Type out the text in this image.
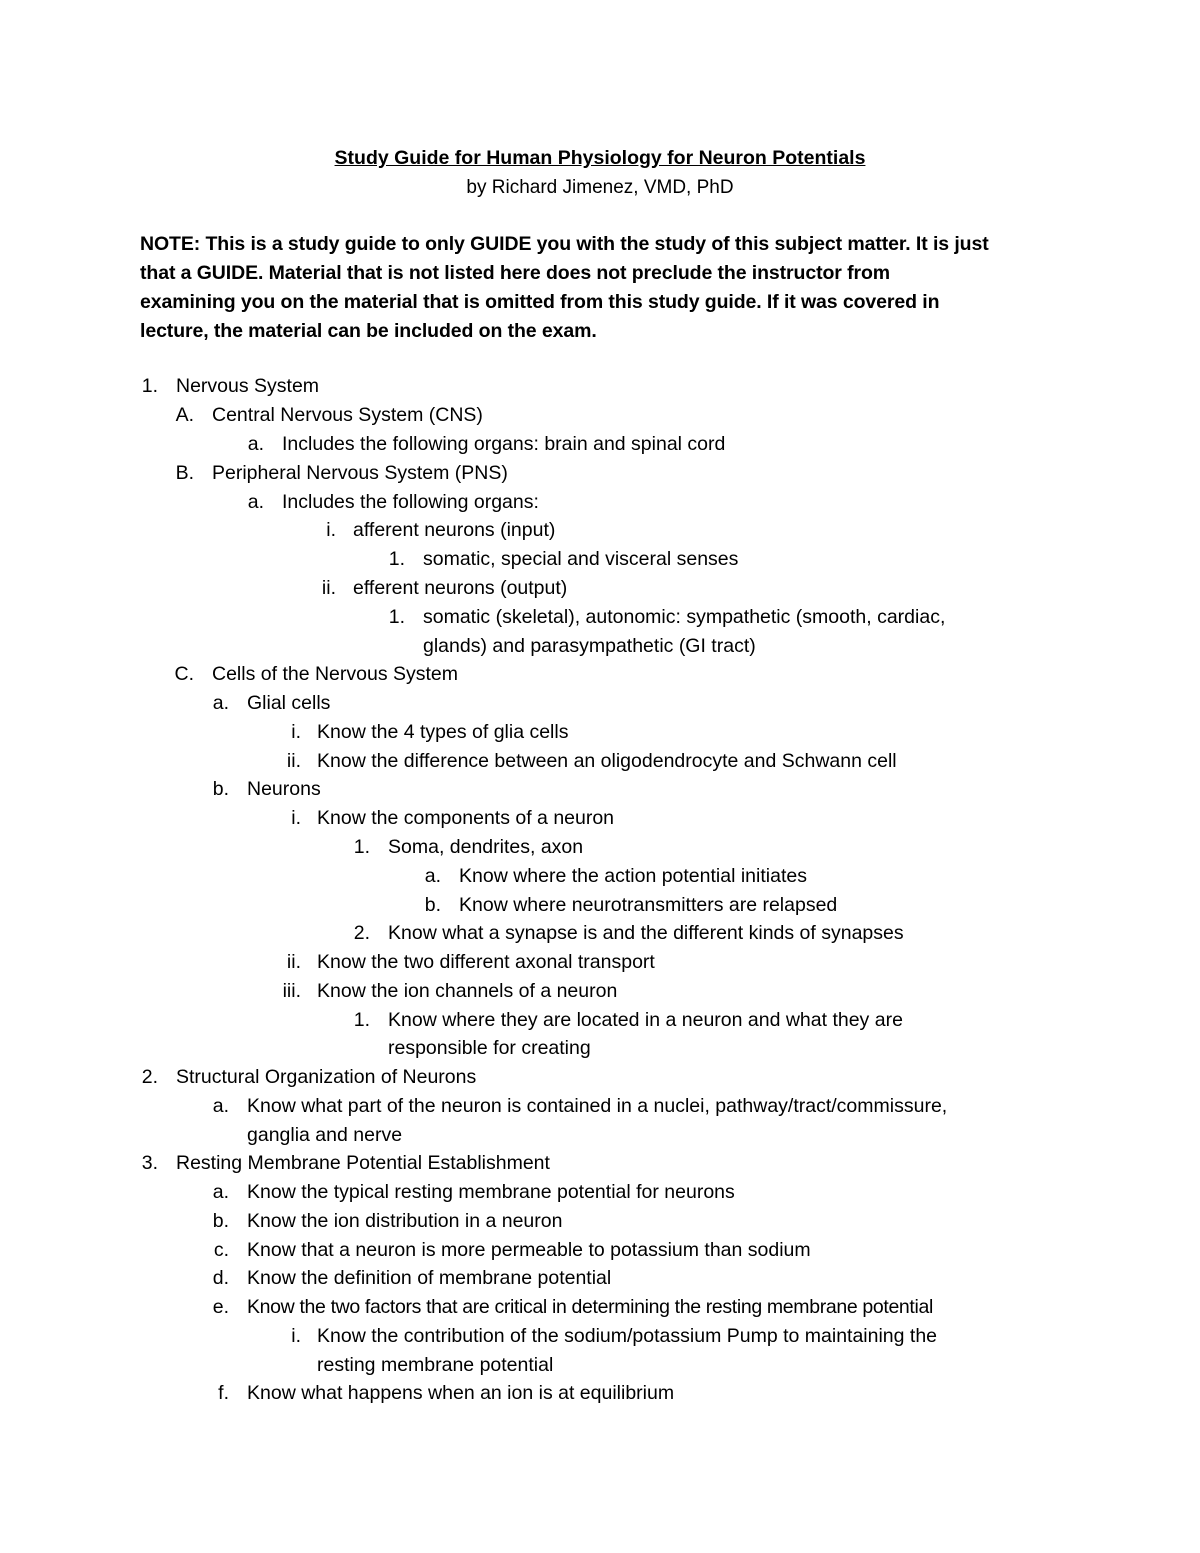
Study Guide for Human Physiology for Neuron Potentials
by Richard Jimenez, VMD, PhD
NOTE: This is a study guide to only GUIDE you with the study of this subject matter. It is just
that a GUIDE. Material that is not listed here does not preclude the instructor from
examining you on the material that is omitted from this study guide. If it was covered in
lecture, the material can be included on the exam.
1. Nervous System
A. Central Nervous System (CNS)
a. Includes the following organs: brain and spinal cord
B. Peripheral Nervous System (PNS)
a. Includes the following organs:
i. afferent neurons (input)
1. somatic, special and visceral senses
ii. efferent neurons (output)
1. somatic (skeletal), autonomic: sympathetic (smooth, cardiac,
glands) and parasympathetic (GI tract)
C. Cells of the Nervous System
a. Glial cells
i. Know the 4 types of glia cells
ii. Know the difference between an oligodendrocyte and Schwann cell
b. Neurons
i. Know the components of a neuron
1. Soma, dendrites, axon
a. Know where the action potential initiates
b. Know where neurotransmitters are relapsed
2. Know what a synapse is and the different kinds of synapses
ii. Know the two different axonal transport
iii. Know the ion channels of a neuron
1. Know where they are located in a neuron and what they are
responsible for creating
2. Structural Organization of Neurons
a. Know what part of the neuron is contained in a nuclei, pathway/tract/commissure,
ganglia and nerve
3. Resting Membrane Potential Establishment
a. Know the typical resting membrane potential for neurons
b. Know the ion distribution in a neuron
c. Know that a neuron is more permeable to potassium than sodium
d. Know the definition of membrane potential
e. Know the two factors that are critical in determining the resting membrane potential
i. Know the contribution of the sodium/potassium Pump to maintaining the
resting membrane potential
f. Know what happens when an ion is at equilibrium
